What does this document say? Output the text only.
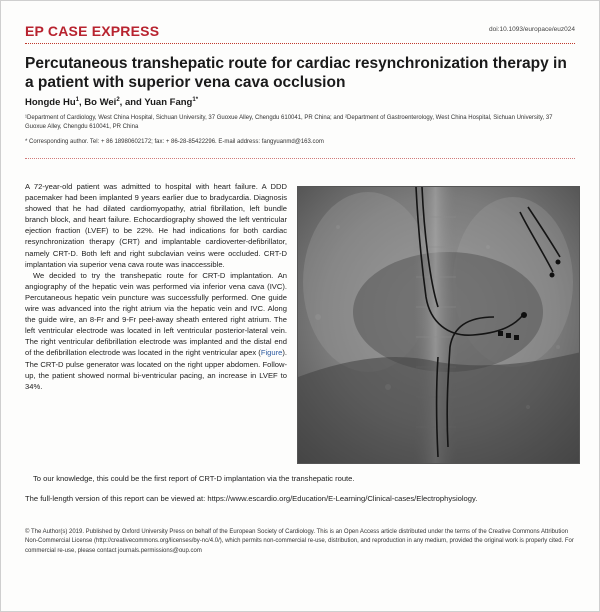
EP CASE EXPRESS	doi:10.1093/europace/euz024
Percutaneous transhepatic route for cardiac resynchronization therapy in a patient with superior vena cava occlusion
Hongde Hu$^1$, Bo Wei$^2$, and Yuan Fang$^{1*}$
¹Department of Cardiology, West China Hospital, Sichuan University, 37 Guoxue Alley, Chengdu 610041, PR China; and ²Department of Gastroenterology, West China Hospital, Sichuan University, 37 Guoxue Alley, Chengdu 610041, PR China
* Corresponding author. Tel: + 86 18980602172; fax: + 86-28-85422296. E-mail address: fangyuanmd@163.com

A 72-year-old patient was admitted to hospital with heart failure. A DDD pacemaker had been implanted 9 years earlier due to bradycardia. Diagnosis showed that he had dilated cardiomyopathy, atrial fibrillation, left bundle branch block, and heart failure. Echocardiography showed the left ventricular ejection fraction (LVEF) to be 22%. He had indications for both cardiac resynchronization therapy (CRT) and implantable cardioverter-defibrillator, namely CRT-D. Both left and right subclavian veins were occluded. CRT-D implantation via superior vena cava route was inaccessible.

We decided to try the transhepatic route for CRT-D implantation. An angiography of the hepatic vein was performed via inferior vena cava (IVC). Percutaneous hepatic vein puncture was successfully performed. One guide wire was advanced into the right atrium via the hepatic vein and IVC. Along the guide wire, an 8-Fr and 9-Fr peel-away sheath entered right atrium. The left ventricular electrode was located in left ventricular posterior-lateral vein. The right ventricular defibrillation electrode was implanted and the distal end of the defibrillation electrode was located in the right ventricular apex (Figure). The CRT-D pulse generator was located on the right upper abdomen. Follow-up, the patient showed normal bi-ventricular pacing, an increase in LVEF to 34%.

To our knowledge, this could be the first report of CRT-D implantation via the transhepatic route.
The full-length version of this report can be viewed at: https://www.escardio.org/Education/E-Learning/Clinical-cases/Electrophysiology.
© The Author(s) 2019. Published by Oxford University Press on behalf of the European Society of Cardiology. This is an Open Access article distributed under the terms of the Creative Commons Attribution Non-Commercial License (http://creativecommons.org/licenses/by-nc/4.0/), which permits non-commercial re-use, distribution, and reproduction in any medium, provided the original work is properly cited. For commercial re-use, please contact journals.permissions@oup.com
